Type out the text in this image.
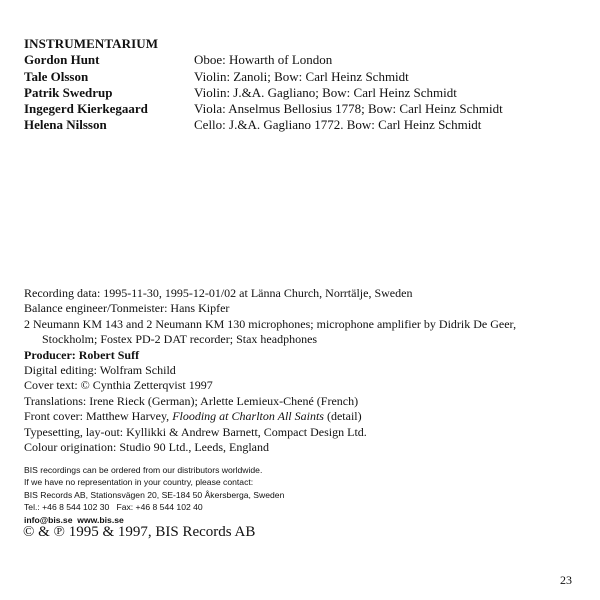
INSTRUMENTARIUM
Gordon Hunt	Oboe: Howarth of London
Tale Olsson	Violin: Zanoli; Bow: Carl Heinz Schmidt
Patrik Swedrup	Violin: J.&A. Gagliano; Bow: Carl Heinz Schmidt
Ingegerd Kierkegaard	Viola: Anselmus Bellosius 1778; Bow: Carl Heinz Schmidt
Helena Nilsson	Cello: J.&A. Gagliano 1772. Bow: Carl Heinz Schmidt
Recording data: 1995-11-30, 1995-12-01/02 at Länna Church, Norrtälje, Sweden
Balance engineer/Tonmeister: Hans Kipfer
2 Neumann KM 143 and 2 Neumann KM 130 microphones; microphone amplifier by Didrik De Geer,
Stockholm; Fostex PD-2 DAT recorder; Stax headphones
Producer: Robert Suff
Digital editing: Wolfram Schild
Cover text: © Cynthia Zetterqvist 1997
Translations: Irene Rieck (German); Arlette Lemieux-Chené (French)
Front cover: Matthew Harvey, Flooding at Charlton All Saints (detail)
Typesetting, lay-out: Kyllikki & Andrew Barnett, Compact Design Ltd.
Colour origination: Studio 90 Ltd., Leeds, England
BIS recordings can be ordered from our distributors worldwide.
If we have no representation in your country, please contact:
BIS Records AB, Stationsvägen 20, SE-184 50 Åkersberga, Sweden
Tel.: +46 8 544 102 30   Fax: +46 8 544 102 40
info@bis.se www.bis.se
© & ℗ 1995 & 1997, BIS Records AB
23
